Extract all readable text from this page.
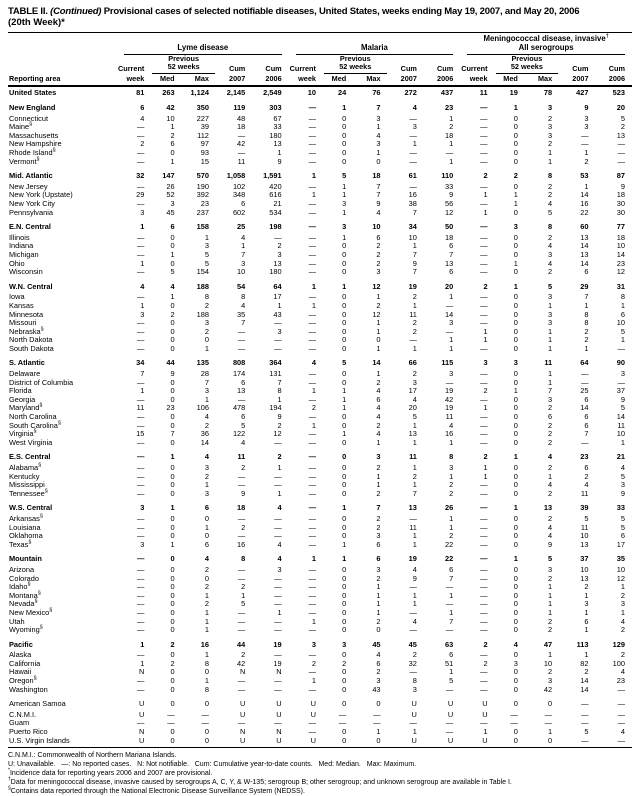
TABLE II. (Continued) Provisional cases of selected notifiable diseases, United States, weeks ending May 19, 2007, and May 20, 2006
(20th Week)*

	Lyme disease					Malaria					Meningococcal disease, invasive†
All serogroups				

	Current	
Previous
52 weeks	Cum	Cum	Current	
Previous
52 weeks	Cum	Cum	Current	
Previous
52 weeks	Cum	Cum
Reporting area	week	Med	Max	2007	2006	week	Med	Max	2007	2006	week	Med	Max	2007	2006
United States	81	263	1,124	2,145	2,549	10	24	76	272	437	11	19	78	427	523
New England	6	42	350	119	303	—	1	7	4	23	—	1	3	9	20
Connecticut	4	10	227	48	67	—	0	3	—	1	—	0	2	3	5
Maine§	—	1	39	18	33	—	0	1	3	2	—	0	3	3	2
Massachusetts	—	2	112	—	180	—	0	4	—	18	—	0	3	—	13
New Hampshire	2	6	97	42	13	—	0	3	1	1	—	0	2	—	—
Rhode Island§	—	0	93	—	1	—	0	1	—	—	—	0	1	1	—
Vermont§	—	1	15	11	9	—	0	0	—	1	—	0	1	2	—
Mid. Atlantic	32	147	570	1,058	1,591	1	5	18	61	110	2	2	8	53	87
New Jersey	—	26	190	102	420	—	1	7	—	33	—	0	2	1	9
New York (Upstate)	29	52	392	348	616	1	1	7	16	9	1	1	2	14	18
New York City	—	3	23	6	21	—	3	9	38	56	—	1	4	16	30
Pennsylvania	3	45	237	602	534	—	1	4	7	12	1	0	5	22	30
E.N. Central	1	6	158	25	198	—	3	10	34	50	—	3	8	60	77
Illinois	—	0	1	4	—	—	1	6	10	18	—	0	2	13	18
Indiana	—	0	3	1	2	—	0	2	1	6	—	0	4	14	10
Michigan	—	1	5	7	3	—	0	2	7	7	—	0	3	13	14
Ohio	1	0	5	3	13	—	0	2	9	13	—	1	4	14	23
Wisconsin	—	5	154	10	180	—	0	3	7	6	—	0	2	6	12
W.N. Central	4	4	188	54	64	1	1	12	19	20	2	1	5	29	31
Iowa	—	1	8	8	17	—	0	1	2	1	—	0	3	7	8
Kansas	1	0	2	4	1	1	0	2	1	—	—	0	1	1	1
Minnesota	3	2	188	35	43	—	0	12	11	14	—	0	3	8	6
Missouri	—	0	3	7	—	—	0	1	2	3	—	0	3	8	10
Nebraska§	—	0	2	—	3	—	0	1	2	—	1	0	1	2	5
North Dakota	—	0	0	—	—	—	0	0	—	1	1	0	1	2	1
South Dakota	—	0	1	—	—	—	0	1	1	1	—	0	1	1	—
S. Atlantic	34	44	135	808	364	4	5	14	66	115	3	3	11	64	90
Delaware	7	9	28	174	131	—	0	1	2	3	—	0	1	—	3
District of Columbia	—	0	7	6	7	—	0	2	3	—	—	0	1	—	—
Florida	1	0	3	13	8	1	1	4	17	19	2	1	7	25	37
Georgia	—	0	1	—	1	—	1	6	4	42	—	0	3	6	9
Maryland§	11	23	106	478	194	2	1	4	20	19	1	0	2	14	5
North Carolina	—	0	4	6	9	—	0	4	5	11	—	0	6	6	14
South Carolina§	—	0	2	5	2	1	0	2	1	4	—	0	2	6	11
Virginia§	15	7	36	122	12	—	1	4	13	16	—	0	2	7	10
West Virginia	—	0	14	4	—	—	0	1	1	1	—	0	2	—	1
E.S. Central	—	1	4	11	2	—	0	3	11	8	2	1	4	23	21
Alabama§	—	0	3	2	1	—	0	2	1	3	1	0	2	6	4
Kentucky	—	0	2	—	—	—	0	1	2	1	1	0	1	2	5
Mississippi	—	0	1	—	—	—	0	1	1	2	—	0	4	4	3
Tennessee§	—	0	3	9	1	—	0	2	7	2	—	0	2	11	9
W.S. Central	3	1	6	18	4	—	1	7	13	26	—	1	13	39	33
Arkansas§	—	0	0	—	—	—	0	2	—	1	—	0	2	5	5
Louisiana	—	0	1	2	—	—	0	2	11	1	—	0	4	11	5
Oklahoma	—	0	0	—	—	—	0	3	1	2	—	0	4	10	6
Texas§	3	1	6	16	4	—	1	6	1	22	—	0	9	13	17
Mountain	—	0	4	8	4	1	1	6	19	22	—	1	5	37	35
Arizona	—	0	2	—	3	—	0	3	4	6	—	0	3	10	10
Colorado	—	0	0	—	—	—	0	2	9	7	—	0	2	13	12
Idaho§	—	0	2	2	—	—	0	1	—	—	—	0	1	2	1
Montana§	—	0	1	1	—	—	0	1	1	1	—	0	1	1	2
Nevada§	—	0	2	5	—	—	0	1	1	—	—	0	1	3	3
New Mexico§	—	0	1	—	1	—	0	1	—	1	—	0	1	1	1
Utah	—	0	1	—	—	1	0	2	4	7	—	0	2	6	4
Wyoming§	—	0	1	—	—	—	0	0	—	—	—	0	2	1	2
Pacific	1	2	16	44	19	3	3	45	45	63	2	4	47	113	129
Alaska	—	0	1	2	—	—	0	4	2	6	—	0	1	1	2
California	1	2	8	42	19	2	2	6	32	51	2	3	10	82	100
Hawaii	N	0	0	N	N	—	0	2	—	1	—	0	2	2	4
Oregon§	—	0	1	—	—	1	0	3	8	5	—	0	3	14	23
Washington	—	0	8	—	—	—	0	43	3	—	—	0	42	14	—
American Samoa	U	0	0	U	U	U	0	0	U	U	U	0	0	—	—
C.N.M.I.	U	—	—	U	U	U	—	—	U	U	U	—	—	—	—
Guam	—	—	—	—	—	—	—	—	—	—	—	—	—	—	—
Puerto Rico	N	0	0	N	N	—	0	1	1	—	1	0	1	5	4
U.S. Virgin Islands	U	0	0	U	U	U	0	0	U	U	U	0	0	—	—
C.N.M.I.: Commonwealth of Northern Mariana Islands.
U: Unavailable.   —: No reported cases.   N: Not notifiable.   Cum: Cumulative year-to-date counts.   Med: Median.   Max: Maximum.
*Incidence data for reporting years 2006 and 2007 are provisional.
†Data for meningococcal disease, invasive caused by serogroups A, C, Y, & W-135; serogroup B; other serogroup; and unknown serogroup are available in Table I.
§Contains data reported through the National Electronic Disease Surveillance System (NEDSS).
